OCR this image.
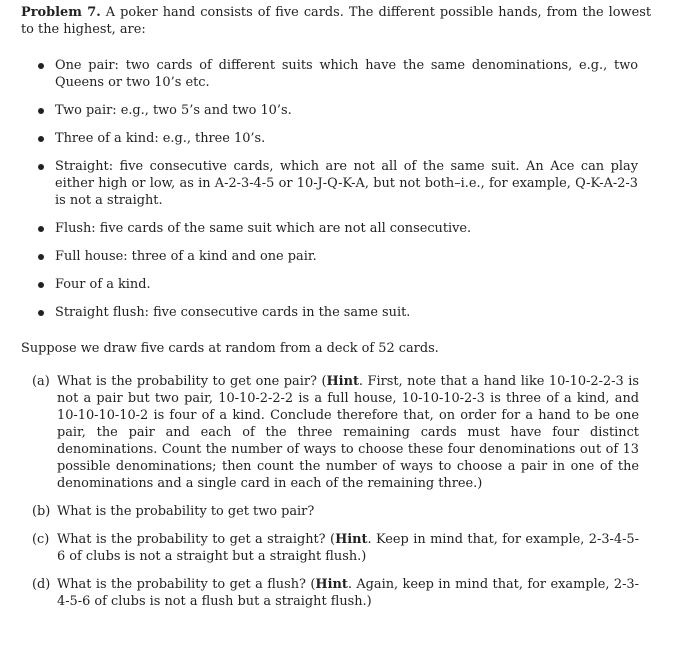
Problem 7. A poker hand consists of five cards. The different possible hands, from the lowest to the highest, are:

One pair: two cards of different suits which have the same denominations, e.g., two Queens or two 10’s etc.
Two pair: e.g., two 5’s and two 10’s.
Three of a kind: e.g., three 10’s.
Straight: five consecutive cards, which are not all of the same suit. An Ace can play either high or low, as in A-2-3-4-5 or 10-J-Q-K-A, but not both–i.e., for example, Q-K-A-2-3 is not a straight.
Flush: five cards of the same suit which are not all consecutive.
Full house: three of a kind and one pair.
Four of a kind.
Straight flush: five consecutive cards in the same suit.

Suppose we draw five cards at random from a deck of 52 cards.

(a) What is the probability to get one pair? (Hint. First, note that a hand like 10-10-2-2-3 is not a pair but two pair, 10-10-2-2-2 is a full house, 10-10-10-2-3 is three of a kind, and 10-10-10-10-2 is four of a kind. Conclude therefore that, on order for a hand to be one pair, the pair and each of the three remaining cards must have four distinct denominations. Count the number of ways to choose these four denominations out of 13 possible denominations; then count the number of ways to choose a pair in one of the denominations and a single card in each of the remaining three.)
(b) What is the probability to get two pair?
(c) What is the probability to get a straight? (Hint. Keep in mind that, for example, 2-3-4-5-6 of clubs is not a straight but a straight flush.)
(d) What is the probability to get a flush? (Hint. Again, keep in mind that, for example, 2-3-4-5-6 of clubs is not a flush but a straight flush.)
